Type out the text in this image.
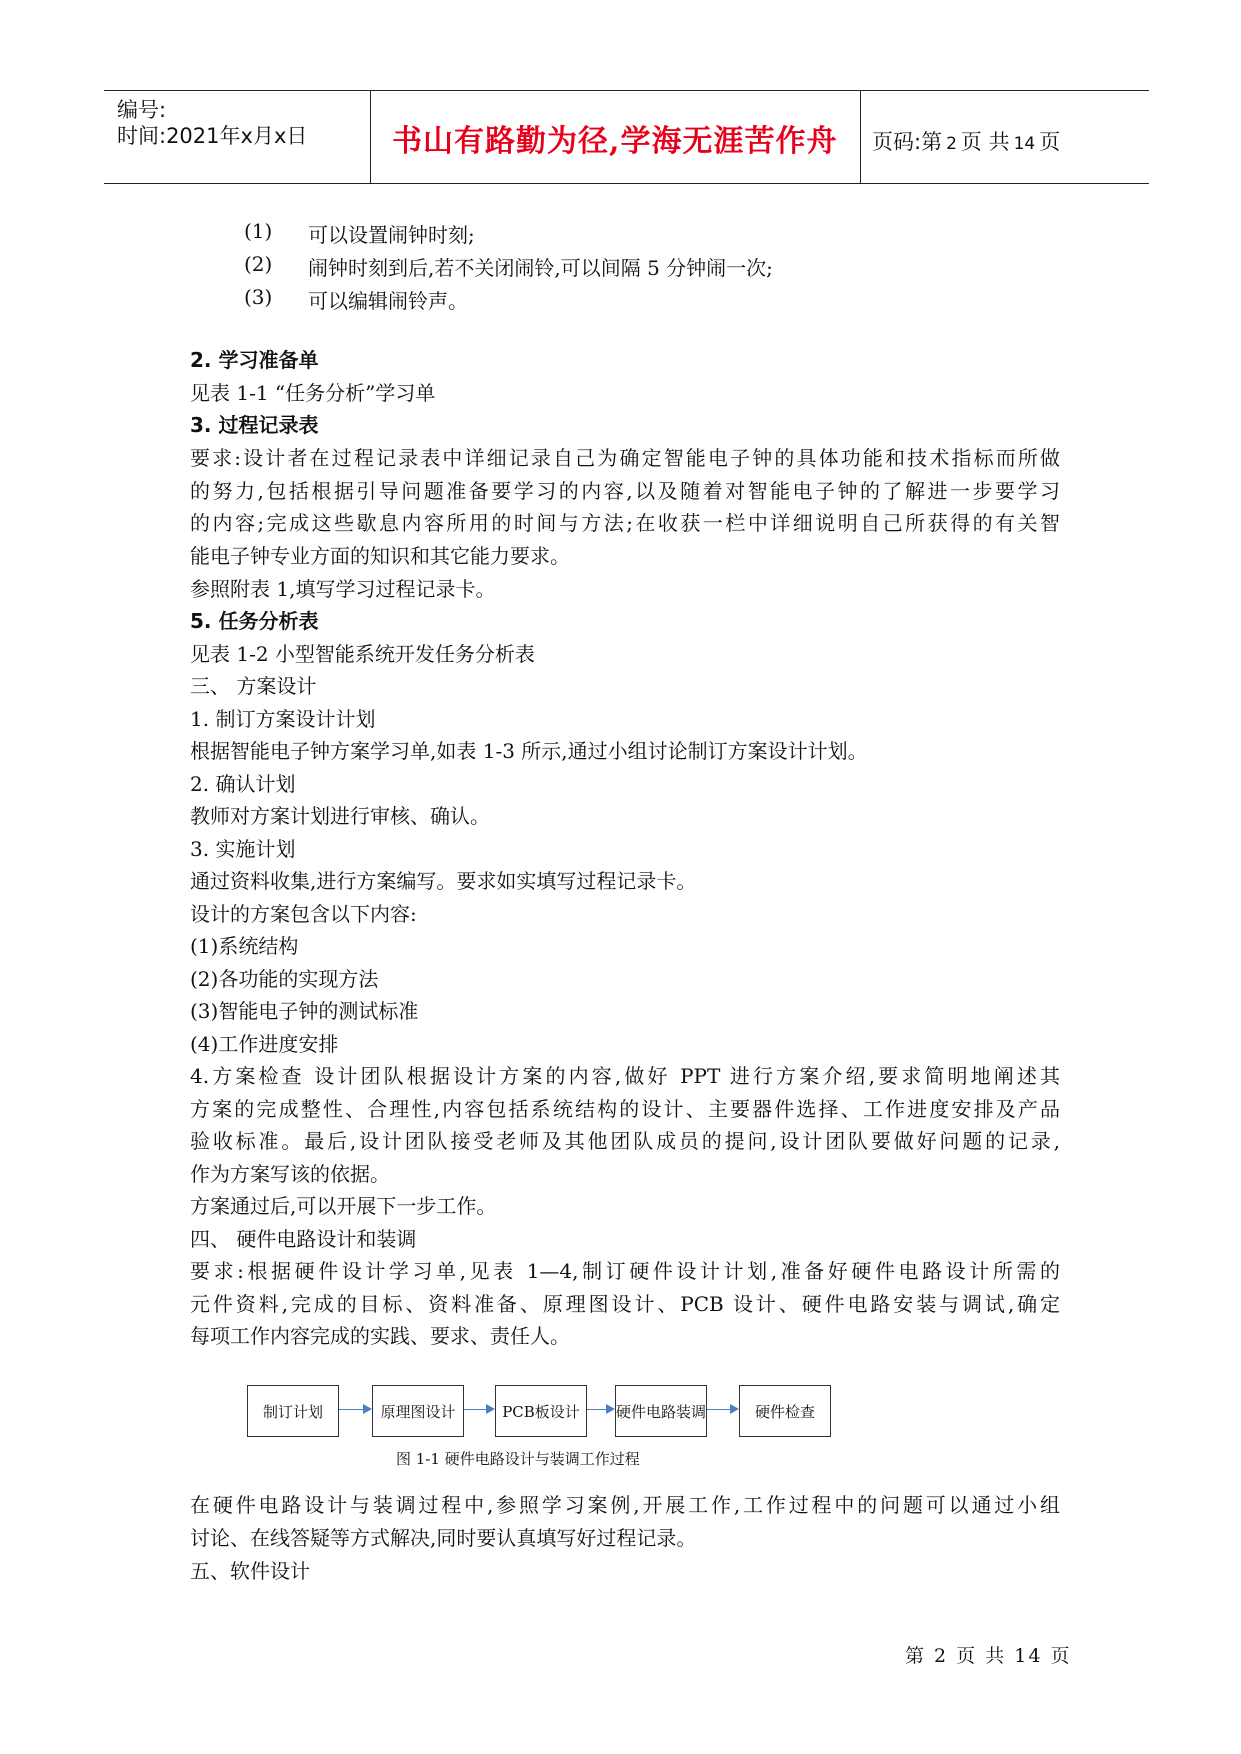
编号:
时间:2021年x月x日	书山有路勤为径,学海无涯苦作舟 页码:第 2 页 共 14 页
(1) 可以设置闹钟时刻;
(2) 闹钟时刻到后,若不关闭闹铃,可以间隔 5 分钟闹一次;
(3) 可以编辑闹铃声。
2. 学习准备单
见表 1-1 “任务分析”学习单
3. 过程记录表
要求:设计者在过程记录表中详细记录自己为确定智能电子钟的具体功能和技术指标而所做
的努力,包括根据引导问题准备要学习的内容,以及随着对智能电子钟的了解进一步要学习
的内容;完成这些歇息内容所用的时间与方法;在收获一栏中详细说明自己所获得的有关智
能电子钟专业方面的知识和其它能力要求。
参照附表 1,填写学习过程记录卡。
5. 任务分析表
见表 1-2 小型智能系统开发任务分析表
三、 方案设计
1. 制订方案设计计划
根据智能电子钟方案学习单,如表 1-3 所示,通过小组讨论制订方案设计计划。
2. 确认计划
教师对方案计划进行审核、确认。
3. 实施计划
通过资料收集,进行方案编写。要求如实填写过程记录卡。
设计的方案包含以下内容:
(1)系统结构
(2)各功能的实现方法
(3)智能电子钟的测试标准
(4)工作进度安排
4.方案检查 设计团队根据设计方案的内容,做好 PPT 进行方案介绍,要求简明地阐述其
方案的完成整性、合理性,内容包括系统结构的设计、主要器件选择、工作进度安排及产品
验收标准。最后,设计团队接受老师及其他团队成员的提问,设计团队要做好问题的记录,
作为方案写该的依据。
方案通过后,可以开展下一步工作。
四、 硬件电路设计和装调
要求:根据硬件设计学习单,见表 1—4,制订硬件设计计划,准备好硬件电路设计所需的
元件资料,完成的目标、资料准备、原理图设计、PCB 设计、硬件电路安装与调试,确定
每项工作内容完成的实践、要求、责任人。
制订计划	原理图设计	PCB板设计	硬件电路装调	硬件检查
图 1-1 硬件电路设计与装调工作过程
在硬件电路设计与装调过程中,参照学习案例,开展工作,工作过程中的问题可以通过小组
讨论、在线答疑等方式解决,同时要认真填写好过程记录。
五、软件设计
第 2 页 共 14 页
